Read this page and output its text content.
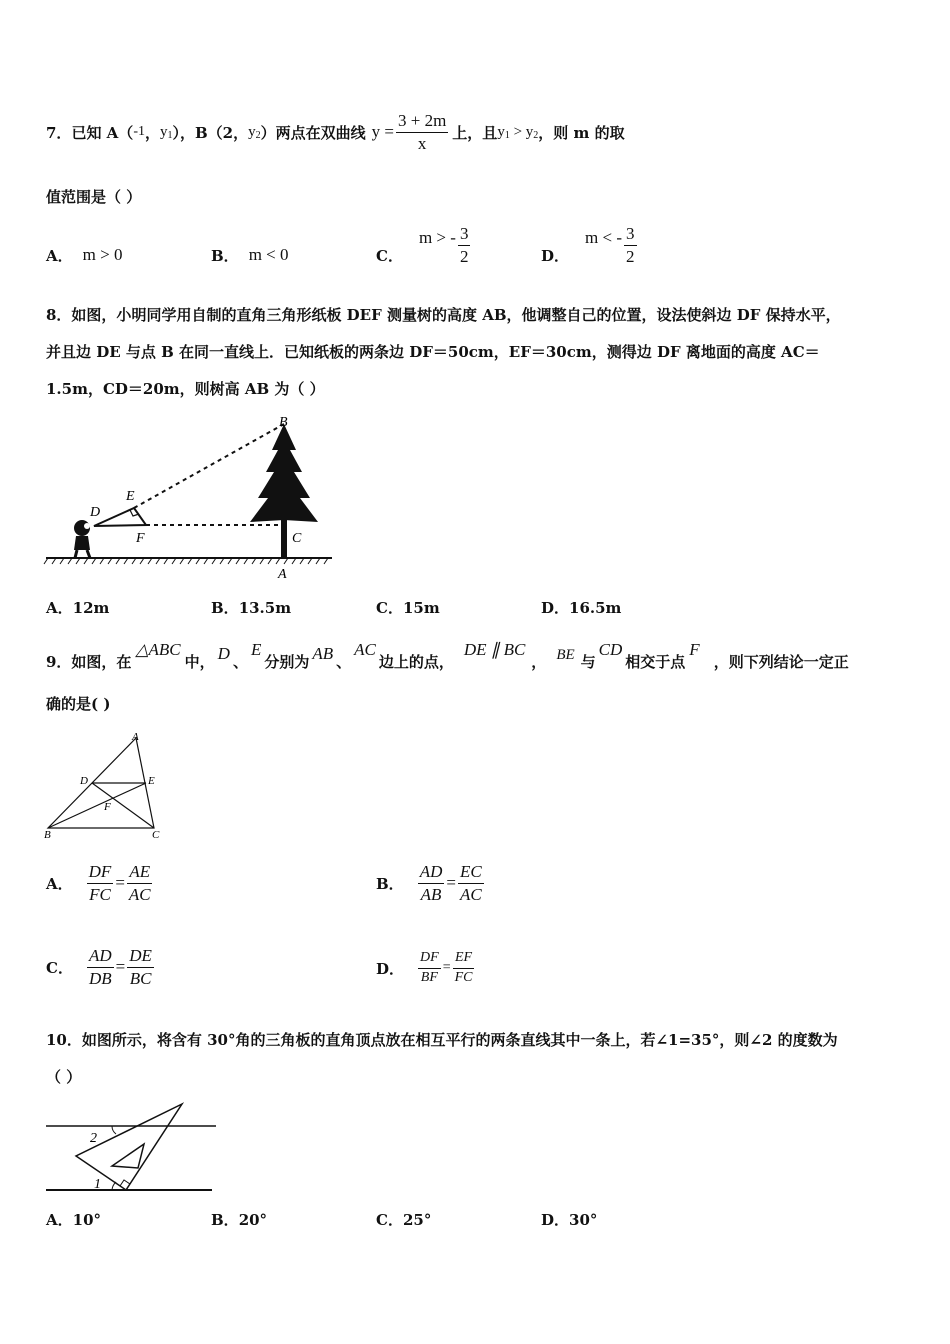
7． 已知 A（ -1 ， $y_1$ ），B（2， $y_2$ ）两点在双曲线 $y = \frac{3 + 2m}{x}$ 上，且 $y_1 > y_2$ ，则 m 的取
值范围是（ ）
A． m > 0	B． m < 0	C．
m > - $\frac{3}{2}$	D．
m < - $\frac{3}{2}$
8．如图，小明同学用自制的直角三角形纸板 DEF 测量树的高度 AB，他调整自己的位置，设法使斜边 DF 保持水平，
并且边 DE 与点 B 在同一直线上．已知纸板的两条边 DF＝50cm，EF＝30cm，测得边 DF 离地面的高度 AC＝
1.5m，CD＝20m，则树高 AB 为（ ）
B
E
D
F	C
A
A．12m	B．13.5m	C．15m	D．16.5m
9．如图，在
△ABC
中， D 、
E
分别为 AB 、
AC
边上的点，
DE ∥ BC
， BE 与
CD
相交于点
F
，则下列结论一定正
确的是( )
A
B	C
D	E
F
A． $\frac{DF}{FC} = \frac{AE}{AC}$	B． $\frac{AD}{AB} = \frac{EC}{AC}$
C． $\frac{AD}{DB} = \frac{DE}{BC}$	D． $\frac{DF}{BF} = \frac{EF}{FC}$
10．如图所示，将含有 30°角的三角板的直角顶点放在相互平行的两条直线其中一条上，若∠1=35°，则∠2 的度数为
（ ）
2
1
A．10°	B．20°	C．25°	D．30°
